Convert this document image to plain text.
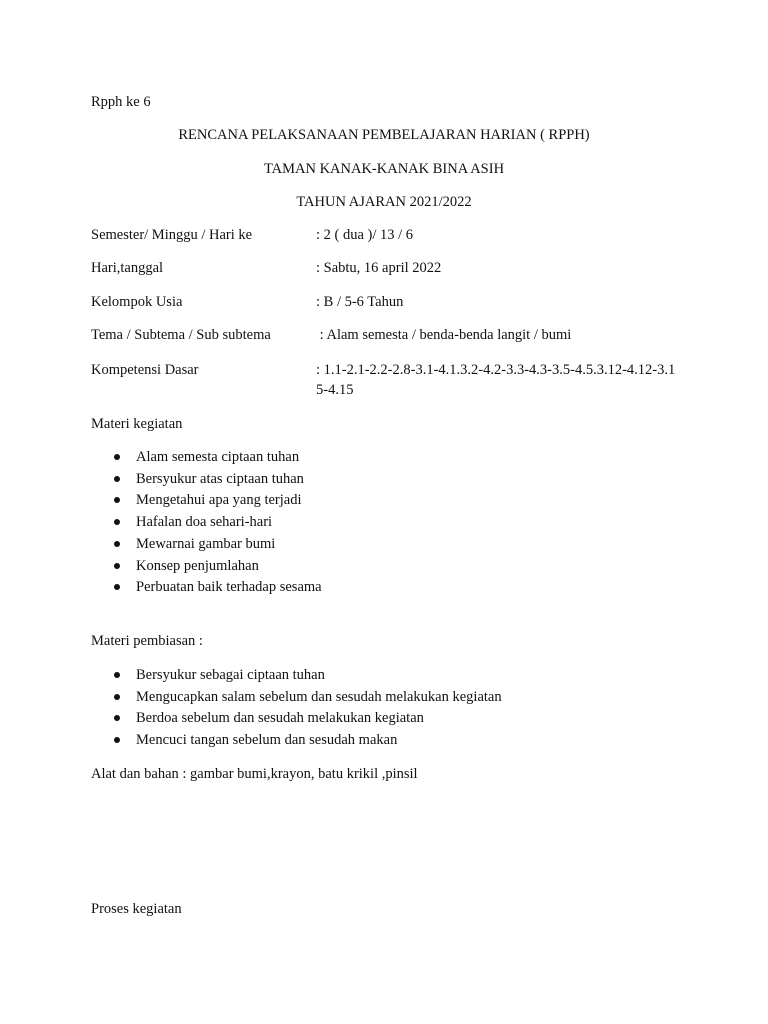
Rpph ke 6
RENCANA PELAKSANAAN PEMBELAJARAN HARIAN ( RPPH)
TAMAN KANAK-KANAK BINA ASIH
TAHUN AJARAN 2021/2022
Semester/ Minggu / Hari ke	: 2 ( dua )/ 13 / 6
Hari,tanggal	: Sabtu, 16 april 2022
Kelompok Usia	: B / 5-6 Tahun
Tema / Subtema / Sub subtema	: Alam semesta / benda-benda langit / bumi
Kompetensi Dasar	: 1.1-2.1-2.2-2.8-3.1-4.1.3.2-4.2-3.3-4.3-3.5-4.5.3.12-4.12-3.15-4.15
Materi kegiatan
Alam semesta ciptaan tuhan
Bersyukur atas ciptaan tuhan
Mengetahui apa yang terjadi
Hafalan doa sehari-hari
Mewarnai gambar bumi
Konsep penjumlahan
Perbuatan baik terhadap sesama
Materi pembiasan :
Bersyukur sebagai ciptaan tuhan
Mengucapkan salam sebelum dan sesudah melakukan kegiatan
Berdoa sebelum dan sesudah melakukan kegiatan
Mencuci tangan sebelum dan sesudah makan
Alat dan bahan : gambar bumi,krayon, batu krikil ,pinsil
Proses kegiatan
